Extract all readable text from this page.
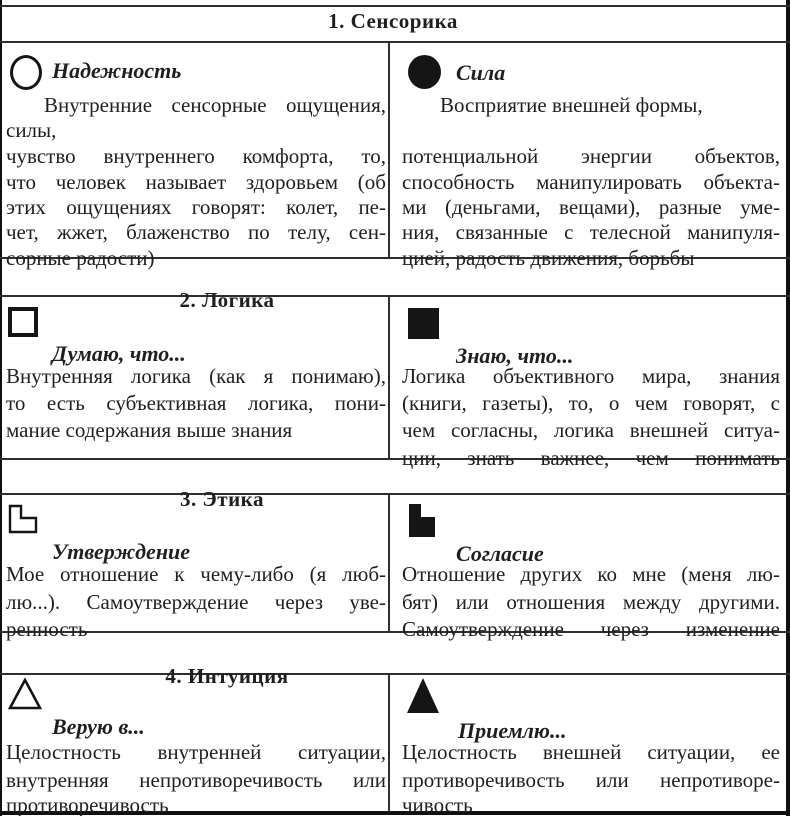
1. Сенсорика
Надежность
Внутренние сенсорные ощущения,
силы,
чувство внутреннего комфорта, то,
что человек называет здоровьем (об
этих ощущениях говорят: колет, пе-
чет, жжет, блаженство по телу, сен-
сорные радости)
Сила
Восприятие внешней формы,
потенциальной энергии объектов,
способность манипулировать объекта-
ми (деньгами, вещами), разные уме-
ния, связанные с телесной манипуля-
цией, радость движения, борьбы
2. Логика
Думаю, что...
Внутренняя логика (как я понимаю),
то есть субъективная логика, пони-
мание содержания выше знания
Знаю, что...
Логика объективного мира, знания
(книги, газеты), то, о чем говорят, с
чем согласны, логика внешней ситуа-
ции, знать важнее, чем понимать
3. Этика
Утверждение
Мое отношение к чему-либо (я люб-
лю...). Самоутверждение через уве-
ренность
Согласие
Отношение других ко мне (меня лю-
бят) или отношения между другими.
Самоутверждение через изменение
4. Интуиция
Верую в...
Целостность внутренней ситуации,
внутренняя непротиворечивость или
противоречивость
Приемлю...
Целостность внешней ситуации, ее
противоречивость или непротиворе-
чивость
